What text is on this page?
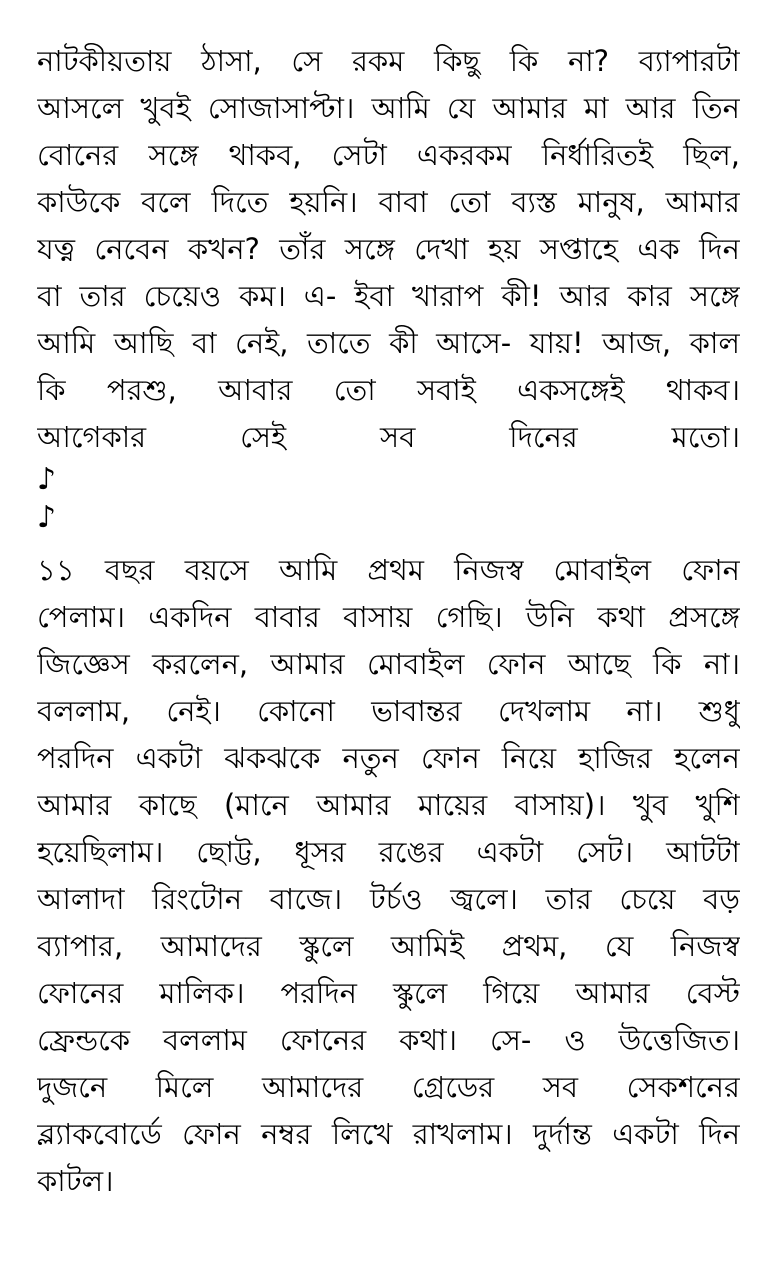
নাটকীয়তায় ঠাসা, সে রকম কিছু কি না? ব্যাপারটা
আসলে খুবই সোজাসাপ্টা। আমি যে আমার মা আর তিন
বোনের সঙ্গে থাকব, সেটা একরকম নির্ধারিতই ছিল,
কাউকে বলে দিতে হয়নি। বাবা তো ব্যস্ত মানুষ, আমার
যত্ন নেবেন কখন? তাঁর সঙ্গে দেখা হয় সপ্তাহে এক দিন
বা তার চেয়েও কম। এ- ইবা খারাপ কী! আর কার সঙ্গে
আমি আছি বা নেই, তাতে কী আসে- যায়! আজ, কাল
কি পরশু, আবার তো সবাই একসঙ্গেই থাকব।
আগেকার	সেই	সব	দিনের	মতো।
♪
♪
১১ বছর বয়সে আমি প্রথম নিজস্ব মোবাইল ফোন
পেলাম। একদিন বাবার বাসায় গেছি। উনি কথা প্রসঙ্গে
জিজ্ঞেস করলেন, আমার মোবাইল ফোন আছে কি না।
বললাম, নেই। কোনো ভাবান্তর দেখলাম না। শুধু
পরদিন একটা ঝকঝকে নতুন ফোন নিয়ে হাজির হলেন
আমার কাছে (মানে আমার মায়ের বাসায়)। খুব খুশি
হয়েছিলাম। ছোট্ট, ধূসর রঙের একটা সেট। আটটা
আলাদা রিংটোন বাজে। টর্চও জ্বলে। তার চেয়ে বড়
ব্যাপার, আমাদের স্কুলে আমিই প্রথম, যে নিজস্ব
ফোনের মালিক। পরদিন স্কুলে গিয়ে আমার বেস্ট
ফ্রেন্ডকে বললাম ফোনের কথা। সে- ও উত্তেজিত।
দুজনে মিলে আমাদের গ্রেডের সব সেকশনের
ব্ল্যাকবোর্ডে ফোন নম্বর লিখে রাখলাম। দুর্দান্ত একটা দিন
কাটল।
